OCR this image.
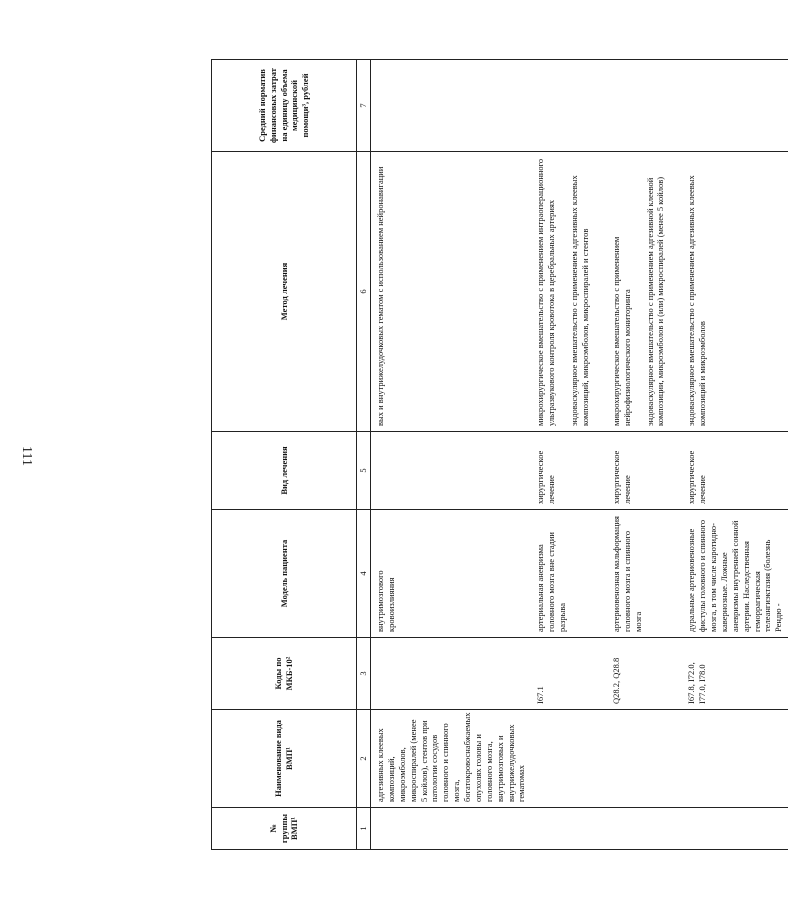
111
№ группы ВМП¹	Наименование вида ВМП¹	Коды по МКБ-10²	Модель пациента	Вид лечения	Метод лечения	Средний норматив финансовых затрат на единицу объема медицинской помощи³, рублей
1	2	3	4	5	6	7
	адгезивных клеевых композиций, микроэмболов, микроспиралей (менее 5 койлов), стентов при патологии сосудов головного и спинного мозга, богатокровоснабжаемых опухолях головы и головного мозга, внутримозговых и внутрижелудочковых гематомах		внутримозгового кровоизлияния		вых и внутрижелудочковых гематом с использованием нейронавигации	
		I67.1	артериальная аневризма головного мозга вне стадии разрыва	хирургическое лечение	микрохирургическое вмешательство с применением интраоперационного ультразвукового контроля кровотока в церебральных артериях эндоваскулярное вмешательство с применением адгезивных клеевых композиций, микроэмболов, микроспиралей и стентов	

		Q28.2, Q28.8	артериовенозная мальформация головного мозга и спинного мозга	хирургическое лечение	микрохирургическое вмешательство с применением нейрофизиологического мониторинга эндоваскулярное вмешательство с применением адгезивной клеевой композиции, микроэмболов и (или) микроспиралей (менее 5 койлов)	

		I67.8, I72.0, I77.0, I78.0	дуральные артериовенозные фистулы головного и спинного мозга, в том числе каротидно-кавернозные. Ложные аневризмы внутренней сонной артерии. Наследственная геморрагическая телеангиэктазия (болезнь Рендю -	хирургическое лечение	эндоваскулярное вмешательство с применением адгезивных клеевых композиций и микроэмболов	
